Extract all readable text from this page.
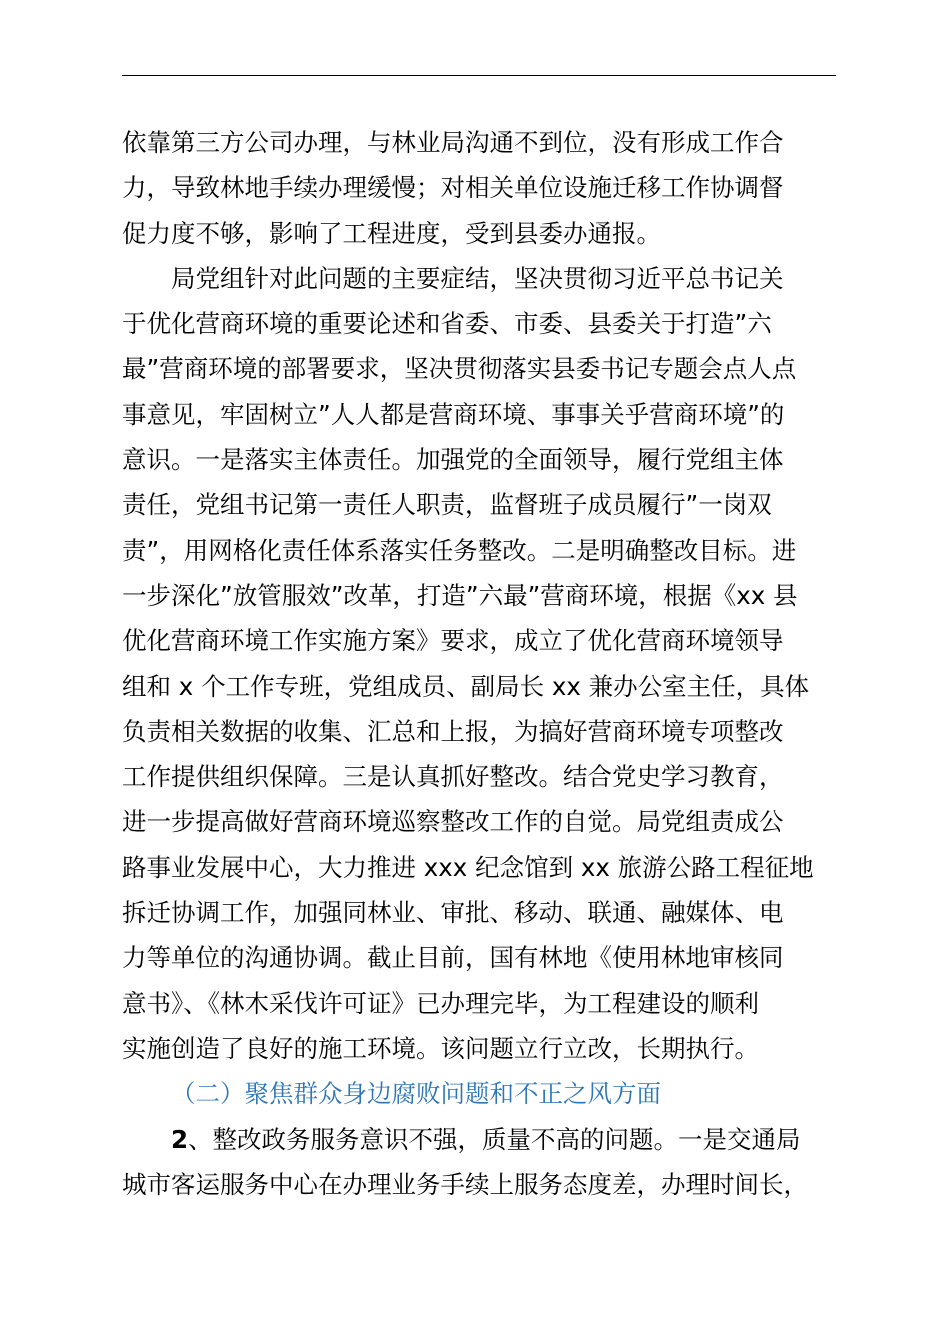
依靠第三方公司办理，与林业局沟通不到位，没有形成工作合
力，导致林地手续办理缓慢；对相关单位设施迁移工作协调督
促力度不够，影响了工程进度，受到县委办通报。
局党组针对此问题的主要症结，坚决贯彻习近平总书记关
于优化营商环境的重要论述和省委、市委、县委关于打造”六
最”营商环境的部署要求，坚决贯彻落实县委书记专题会点人点
事意见，牢固树立”人人都是营商环境、事事关乎营商环境”的
意识。一是落实主体责任。加强党的全面领导，履行党组主体
责任，党组书记第一责任人职责，监督班子成员履行”一岗双
责”，用网格化责任体系落实任务整改。二是明确整改目标。进
一步深化”放管服效”改革，打造”六最”营商环境，根据《xx 县
优化营商环境工作实施方案》要求，成立了优化营商环境领导
组和 x 个工作专班，党组成员、副局长 xx 兼办公室主任，具体
负责相关数据的收集、汇总和上报，为搞好营商环境专项整改
工作提供组织保障。三是认真抓好整改。结合党史学习教育，
进一步提高做好营商环境巡察整改工作的自觉。局党组责成公
路事业发展中心，大力推进 xxx 纪念馆到 xx 旅游公路工程征地
拆迁协调工作，加强同林业、审批、移动、联通、融媒体、电
力等单位的沟通协调。截止目前，国有林地《使用林地审核同
意书》、《林木采伐许可证》已办理完毕，为工程建设的顺利
实施创造了良好的施工环境。该问题立行立改，长期执行。
（二）聚焦群众身边腐败问题和不正之风方面
2、整改政务服务意识不强，质量不高的问题。一是交通局
城市客运服务中心在办理业务手续上服务态度差，办理时间长，
